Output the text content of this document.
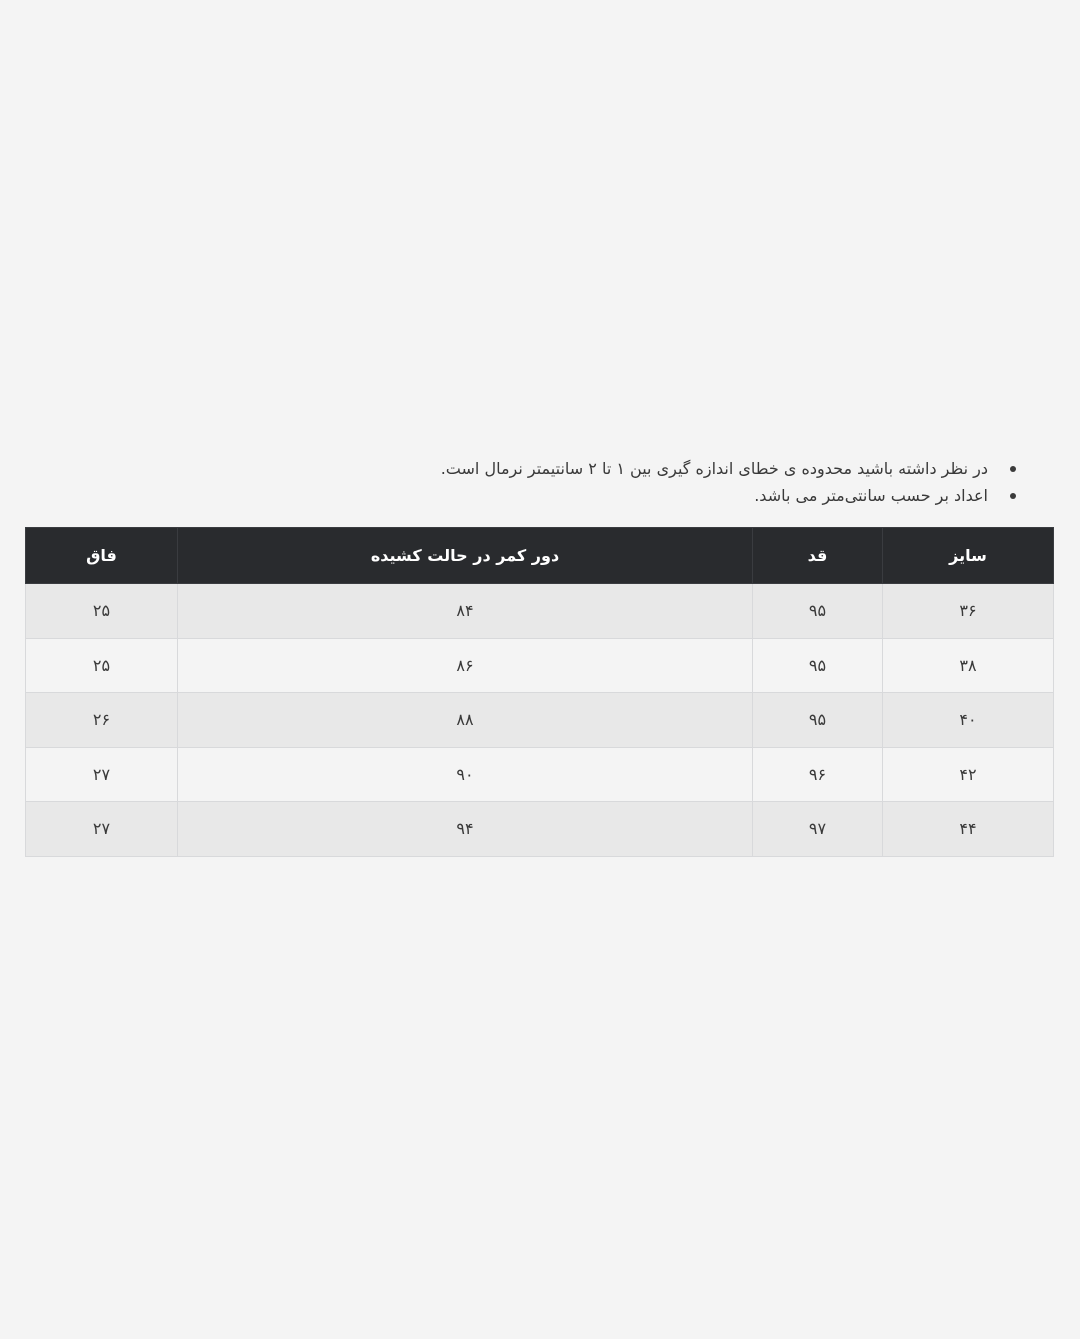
در نظر داشته باشید محدوده ی خطای اندازه گیری بین ۱ تا ۲ سانتیمتر نرمال است.
اعداد بر حسب سانتی‌متر می باشد.
سایز	قد	دور کمر در حالت کشیده	فاق
۳۶	۹۵	۸۴	۲۵
۳۸	۹۵	۸۶	۲۵
۴۰	۹۵	۸۸	۲۶
۴۲	۹۶	۹۰	۲۷
۴۴	۹۷	۹۴	۲۷
